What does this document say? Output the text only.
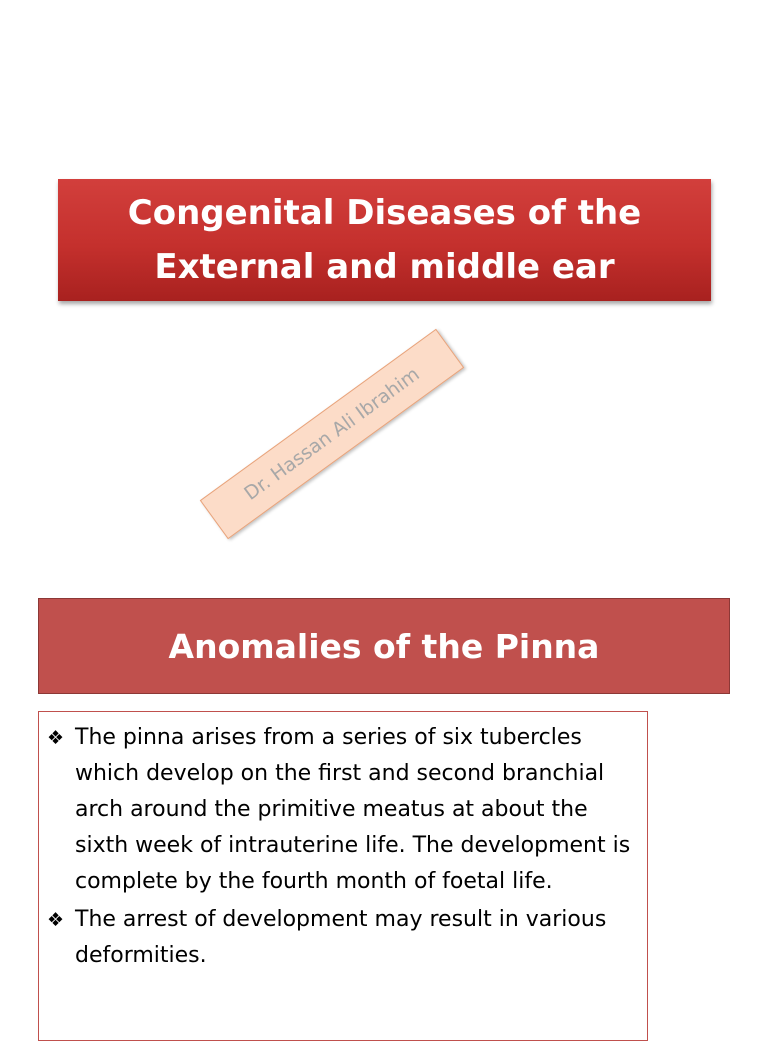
Congenital Diseases of the External and middle ear
Dr. Hassan Ali Ibrahim
Anomalies of the Pinna
❖ The pinna arises from a series of six tubercles which develop on the first and second branchial arch around the primitive meatus at about the sixth week of intrauterine life. The development is complete by the fourth month of foetal life.
❖ The arrest of development may result in various deformities.
